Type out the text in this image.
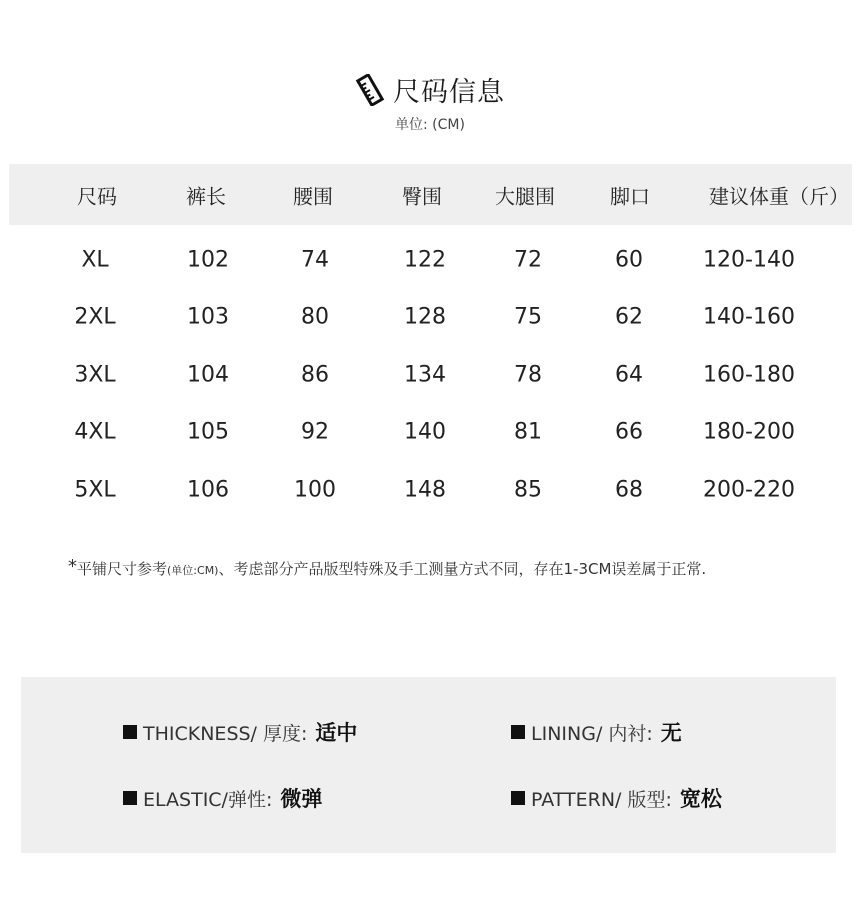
尺码信息
单位: (CM)
尺码	裤长	腰围	臀围	大腿围	脚口	建议体重（斤）
XL	102	74	122	72	60	120-140
2XL	103	80	128	75	62	140-160
3XL	104	86	134	78	64	160-180
4XL	105	92	140	81	66	180-200
5XL	106	100	148	85	68	200-220
*平铺尺寸参考(单位:CM)、考虑部分产品版型特殊及手工测量方式不同，存在1-3CM误差属于正常.
THICKNESS/ 厚度: 适中	LINING/ 内衬: 无
ELASTIC/弹性: 微弹	PATTERN/ 版型: 宽松
